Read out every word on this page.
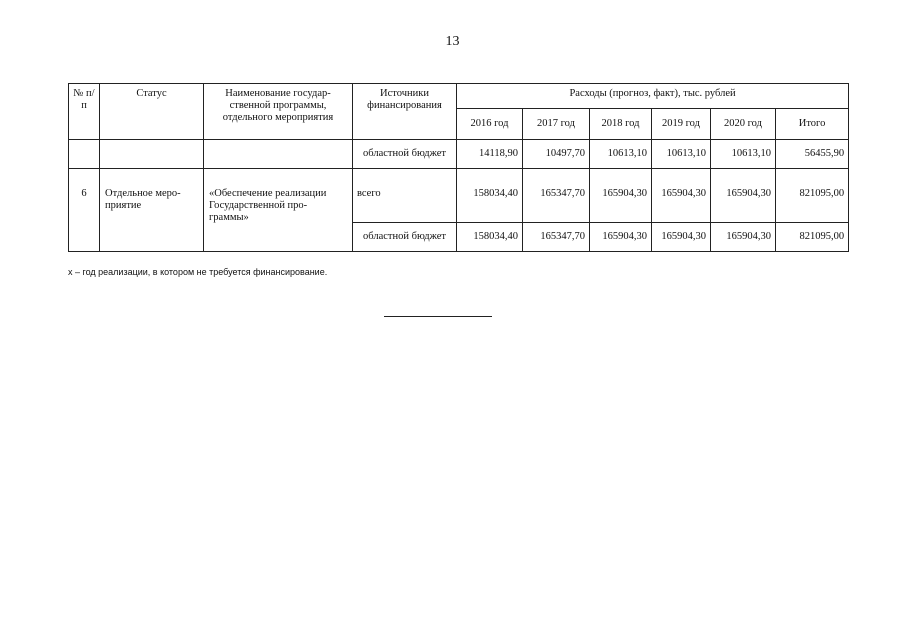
13
№ п/п	Статус	Наименование государ- ственной программы, отдельного мероприятия	Источники финансирования	Расходы (прогноз, факт), тыс. рублей					
				2016 год	2017 год	2018 год	2019 год	2020 год	Итого
			областной бюджет	14118,90	10497,70	10613,10	10613,10	10613,10	56455,90

6	Отдельное меро- приятие	«Обеспечение реализации Государственной про- граммы»	всего	158034,40	165347,70	165904,30	165904,30	165904,30	821095,00
			областной бюджет	158034,40	165347,70	165904,30	165904,30	165904,30	821095,00
х – год реализации, в котором не требуется финансирование.
